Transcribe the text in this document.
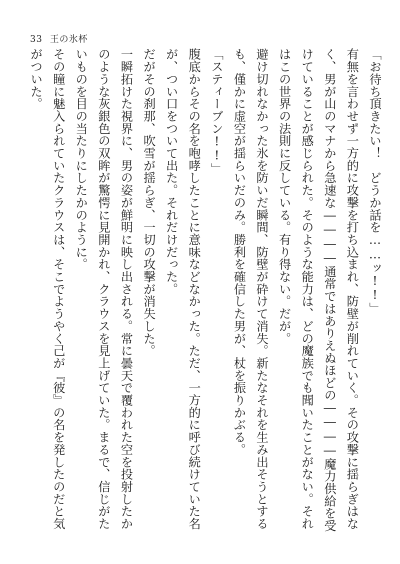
33 王の氷杯

「お待ち頂きたい！　どうか話を……ッ!!」

有無を言わせず一方的に攻撃を打ち込まれ、防壁が削れていく。その攻撃に揺らぎはなく、男が山のマナから急速な――――通常ではありえぬほどの――――魔力供給を受けていることが感じられた。そのような能力は、どの魔族でも聞いたことがない。それはこの世界の法則に反している。有り得ない。だが。

避け切れなかった氷を防いだ瞬間、防壁が砕けて消失。新たなそれを生み出そうとするも、僅かに虚空が揺らいだのみ。勝利を確信した男が、杖を振りかぶる。

「スティーブン!!」

腹底からその名を咆哮したことに意味などなかった。ただ、一方的に呼び続けていた名が、つい口をついて出た。それだけだった。

だがその刹那、吹雪が揺らぎ、一切の攻撃が消失した。

一瞬拓けた視界に、男の姿が鮮明に映し出される。常に曇天で覆われた空を投射したかのような灰銀色の双眸が驚愕に見開かれ、クラウスを見上げていた。まるで、信じがたいものを目の当たりにしたかのように。

その瞳に魅入られていたクラウスは、そこでようやく己が『彼』の名を発したのだと気がついた。
